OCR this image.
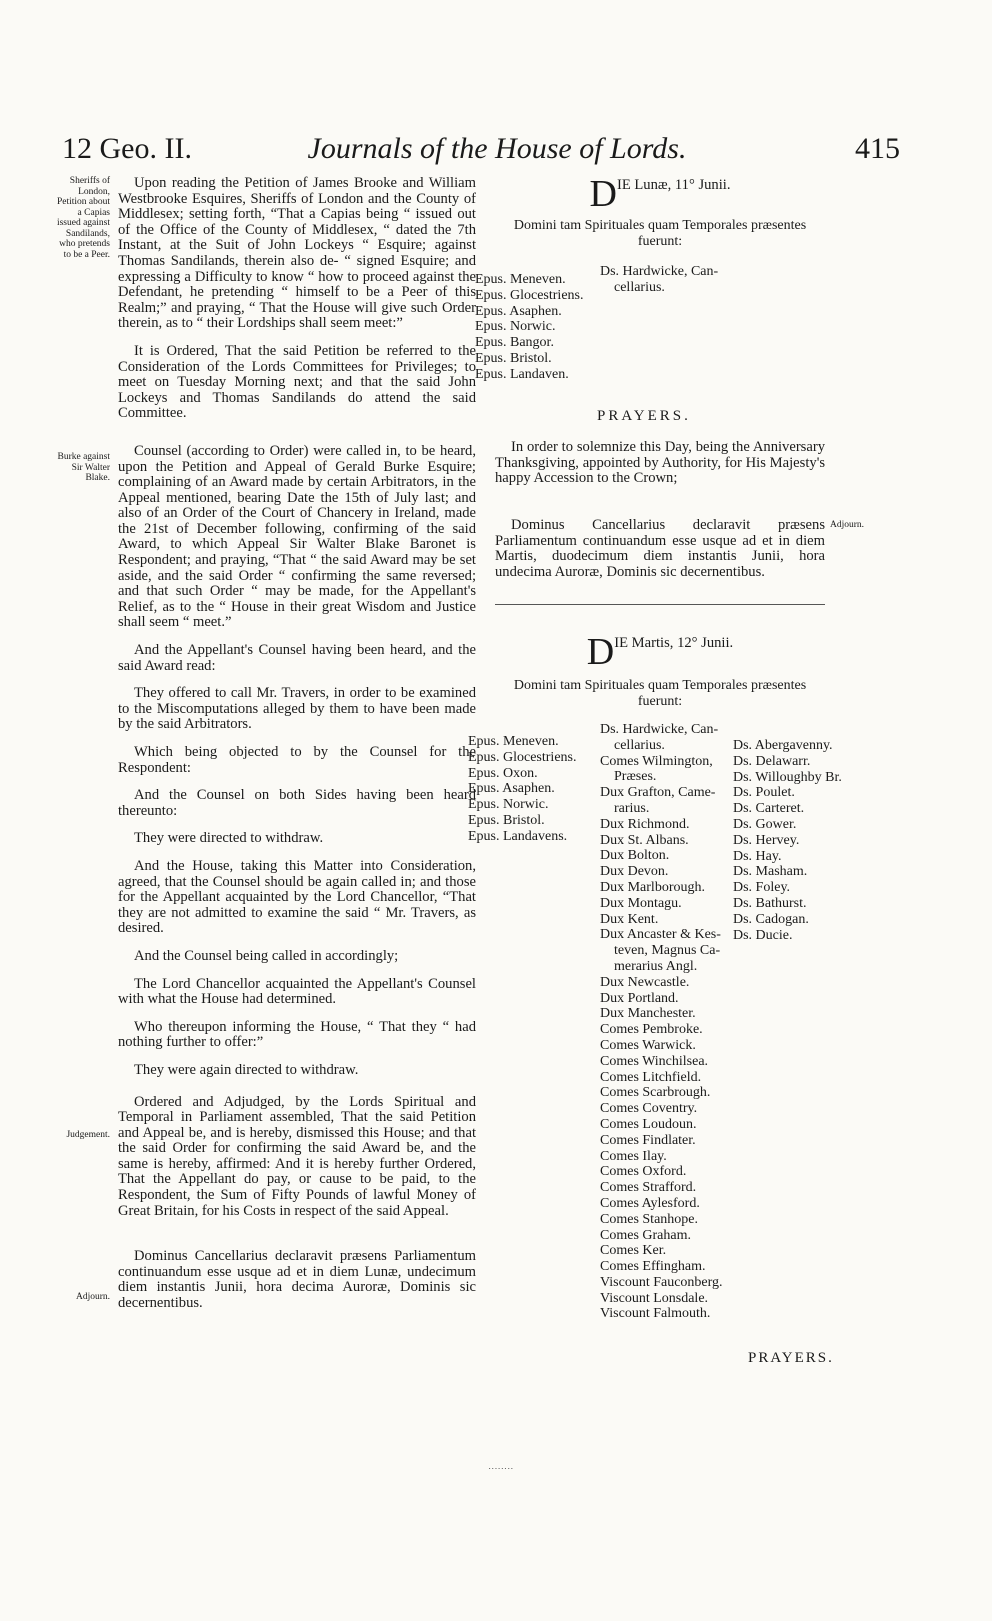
12 Geo. II.	Journals of the House of Lords.	415
Sheriffs of London, Petition about a Capias issued against Sandilands, who pretends to be a Peer.
Burke against Sir Walter Blake.
Judgement.
Adjourn.

Upon reading the Petition of James Brooke and William Westbrooke Esquires, Sheriffs of London and the County of Middlesex; setting forth, “That a Capias being “ issued out of the Office of the County of Middlesex, “ dated the 7th Instant, at the Suit of John Lockeys “ Esquire; against Thomas Sandilands, therein also de- “ signed Esquire; and expressing a Difficulty to know “ how to proceed against the Defendant, he pretending “ himself to be a Peer of this Realm;” and praying, “ That the House will give such Order therein, as to “ their Lordships shall seem meet:”

It is Ordered, That the said Petition be referred to the Consideration of the Lords Committees for Privileges; to meet on Tuesday Morning next; and that the said John Lockeys and Thomas Sandilands do attend the said Committee.

Counsel (according to Order) were called in, to be heard, upon the Petition and Appeal of Gerald Burke Esquire; complaining of an Award made by certain Arbitrators, in the Appeal mentioned, bearing Date the 15th of July last; and also of an Order of the Court of Chancery in Ireland, made the 21st of December following, confirming of the said Award, to which Appeal Sir Walter Blake Baronet is Respondent; and praying, “That “ the said Award may be set aside, and the said Order “ confirming the same reversed; and that such Order “ may be made, for the Appellant's Relief, as to the “ House in their great Wisdom and Justice shall seem “ meet.”

And the Appellant's Counsel having been heard, and the said Award read:

They offered to call Mr. Travers, in order to be examined to the Miscomputations alleged by them to have been made by the said Arbitrators.

Which being objected to by the Counsel for the Respondent:

And the Counsel on both Sides having been heard thereunto:

They were directed to withdraw.

And the House, taking this Matter into Consideration, agreed, that the Counsel should be again called in; and those for the Appellant acquainted by the Lord Chancellor, “That they are not admitted to examine the said “ Mr. Travers, as desired.

And the Counsel being called in accordingly;

The Lord Chancellor acquainted the Appellant's Counsel with what the House had determined.

Who thereupon informing the House, “ That they “ had nothing further to offer:”

They were again directed to withdraw.

Ordered and Adjudged, by the Lords Spiritual and Temporal in Parliament assembled, That the said Petition and Appeal be, and is hereby, dismissed this House; and that the said Order for confirming the said Award be, and the same is hereby, affirmed: And it is hereby further Ordered, That the Appellant do pay, or cause to be paid, to the Respondent, the Sum of Fifty Pounds of lawful Money of Great Britain, for his Costs in respect of the said Appeal.

Dominus Cancellarius declaravit præsens Parliamentum continuandum esse usque ad et in diem Lunæ, undecimum diem instantis Junii, hora decima Auroræ, Dominis sic decernentibus.

DIE Lunæ, 11° Junii.
Domini tam Spirituales quam Temporales præsentes fuerunt:
Epus. Meneven.
Epus. Glocestriens.
Epus. Asaphen.
Epus. Norwic.
Epus. Bangor.
Epus. Bristol.
Epus. Landaven.
Ds. Hardwicke, Can-
cellarius.
PRAYERS.
In order to solemnize this Day, being the Anniversary Thanksgiving, appointed by Authority, for His Majesty's happy Accession to the Crown;
Adjourn.
Dominus Cancellarius declaravit præsens Parliamentum continuandum esse usque ad et in diem Martis, duodecimum diem instantis Junii, hora undecima Auroræ, Dominis sic decernentibus.
DIE Martis, 12° Junii.
Domini tam Spirituales quam Temporales præsentes fuerunt:
Epus. Meneven.
Epus. Glocestriens.
Epus. Oxon.
Epus. Asaphen.
Epus. Norwic.
Epus. Bristol.
Epus. Landavens.
Ds. Hardwicke, Can-
cellarius.
Comes Wilmington,
Præses.
Dux Grafton, Came-
rarius.
Dux Richmond.
Dux St. Albans.
Dux Bolton.
Dux Devon.
Dux Marlborough.
Dux Montagu.
Dux Kent.
Dux Ancaster & Kes-
teven, Magnus Ca-
merarius Angl.
Dux Newcastle.
Dux Portland.
Dux Manchester.
Comes Pembroke.
Comes Warwick.
Comes Winchilsea.
Comes Litchfield.
Comes Scarbrough.
Comes Coventry.
Comes Loudoun.
Comes Findlater.
Comes Ilay.
Comes Oxford.
Comes Strafford.
Comes Aylesford.
Comes Stanhope.
Comes Graham.
Comes Ker.
Comes Effingham.
Viscount Fauconberg.
Viscount Lonsdale.
Viscount Falmouth.
Ds. Abergavenny.
Ds. Delawarr.
Ds. Willoughby Br.
Ds. Poulet.
Ds. Carteret.
Ds. Gower.
Ds. Hervey.
Ds. Hay.
Ds. Masham.
Ds. Foley.
Ds. Bathurst.
Ds. Cadogan.
Ds. Ducie.
PRAYERS.
⋅⋅⋅⋅⋅⋅⋅⋅
